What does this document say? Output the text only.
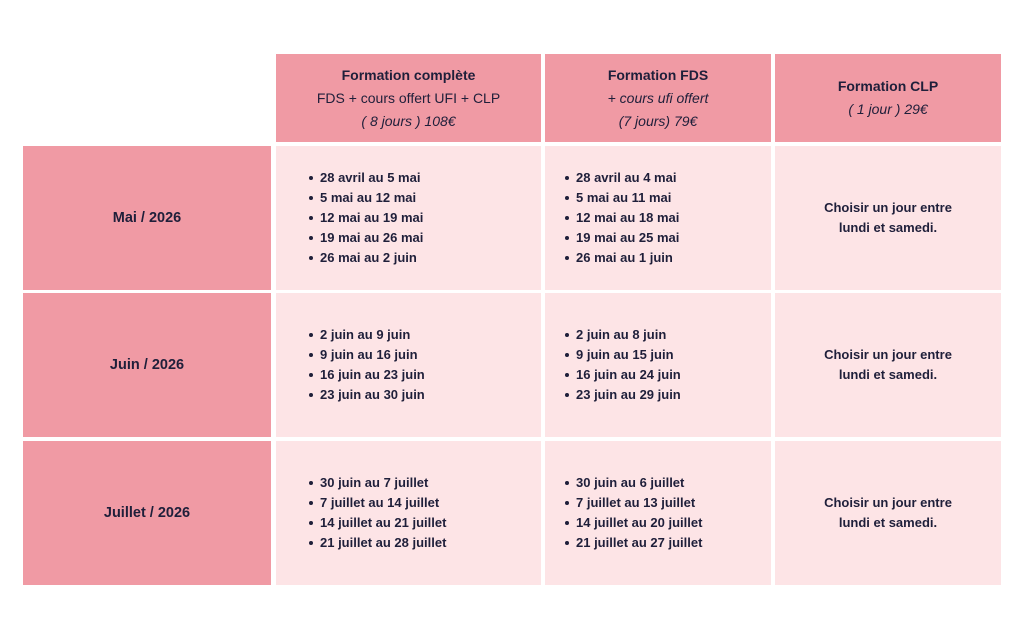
Formation complète
FDS + cours offert UFI + CLP
( 8 jours ) 108€
Formation FDS
+ cours ufi offert
(7 jours) 79€
Formation CLP
( 1 jour ) 29€
Mai / 2026
28 avril au 5 mai
5 mai au 12 mai
12 mai au 19 mai
19 mai au 26 mai
26 mai au 2 juin
28 avril au 4 mai
5 mai au 11 mai
12 mai au 18 mai
19 mai au 25 mai
26 mai au 1 juin
Choisir un jour entre
lundi et samedi.
Juin / 2026
2 juin au 9 juin
9 juin au 16 juin
16 juin au 23 juin
23 juin au 30 juin
2 juin au 8 juin
9 juin au 15 juin
16 juin au 24 juin
23 juin au 29 juin
Choisir un jour entre
lundi et samedi.
Juillet / 2026
30 juin au 7 juillet
7 juillet au 14 juillet
14 juillet au 21 juillet
21 juillet au 28 juillet
30 juin au 6 juillet
7 juillet au 13 juillet
14 juillet au 20 juillet
21 juillet au 27 juillet
Choisir un jour entre
lundi et samedi.
